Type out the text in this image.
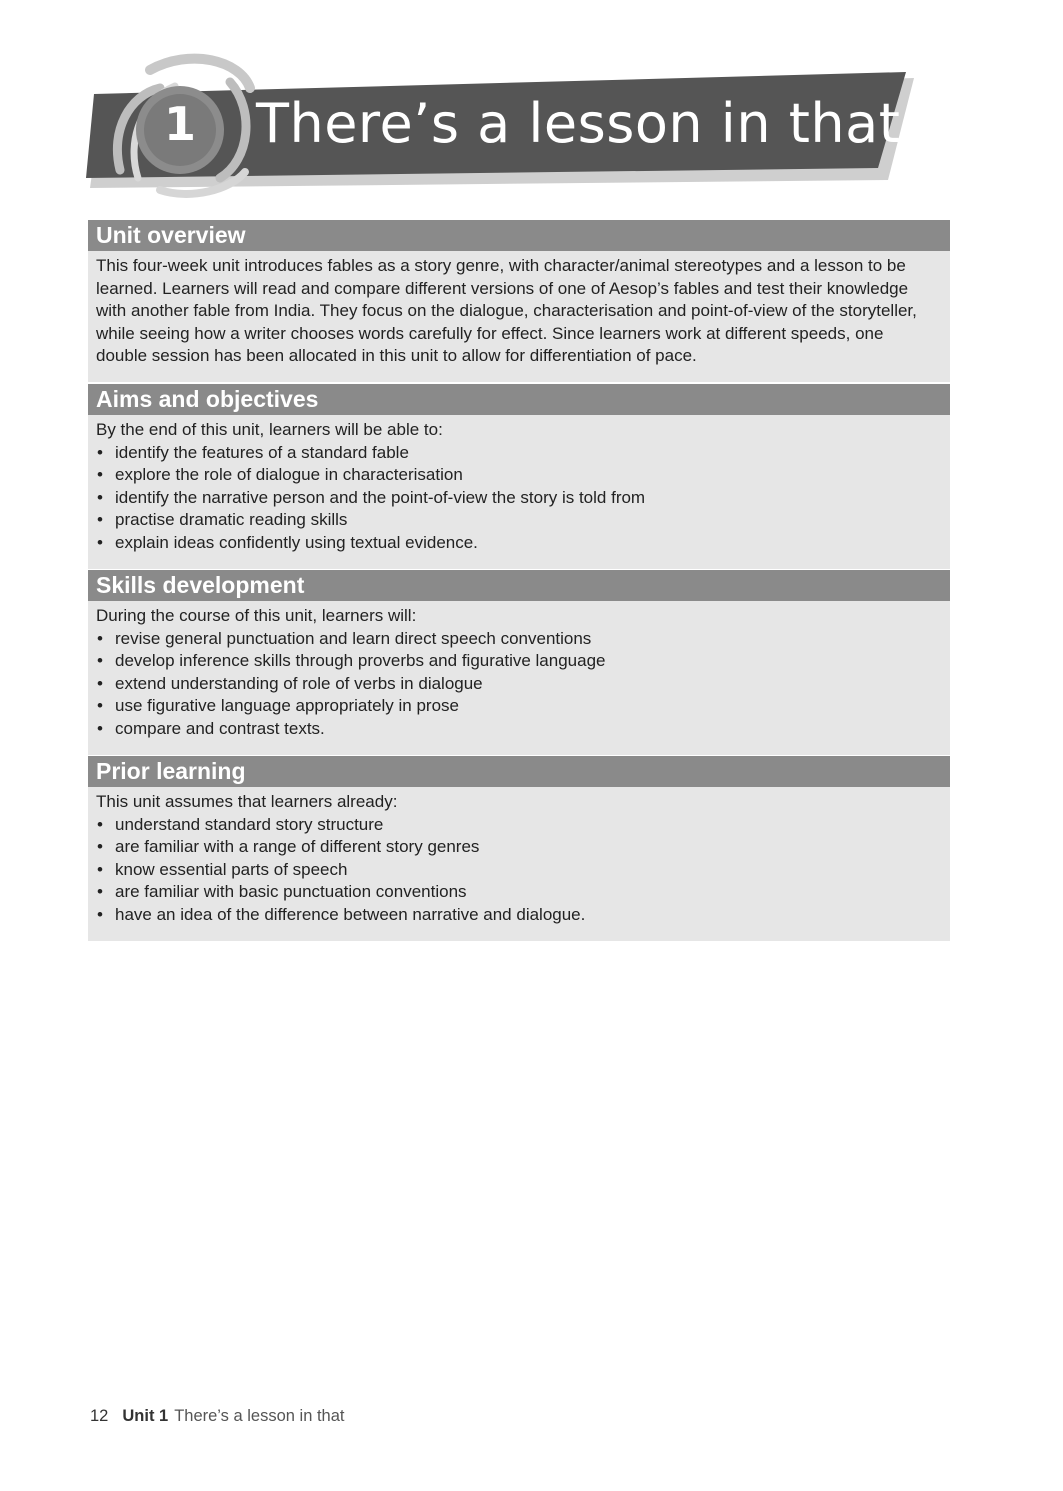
1 There’s a lesson in that
Unit overview

This four-week unit introduces fables as a story genre, with character/animal stereotypes and a lesson to be learned. Learners will read and compare different versions of one of Aesop’s fables and test their knowledge with another fable from India. They focus on the dialogue, characterisation and point-of-view of the storyteller, while seeing how a writer chooses words carefully for effect. Since learners work at different speeds, one double session has been allocated in this unit to allow for differentiation of pace.

Aims and objectives

By the end of this unit, learners will be able to:

• identify the features of a standard fable
• explore the role of dialogue in characterisation
• identify the narrative person and the point-of-view the story is told from
• practise dramatic reading skills
• explain ideas confidently using textual evidence.
Skills development

During the course of this unit, learners will:

• revise general punctuation and learn direct speech conventions
• develop inference skills through proverbs and figurative language
• extend understanding of role of verbs in dialogue
• use figurative language appropriately in prose
• compare and contrast texts.
Prior learning

This unit assumes that learners already:

• understand standard story structure
• are familiar with a range of different story genres
• know essential parts of speech
• are familiar with basic punctuation conventions
• have an idea of the difference between narrative and dialogue.
12 Unit 1 There’s a lesson in that
